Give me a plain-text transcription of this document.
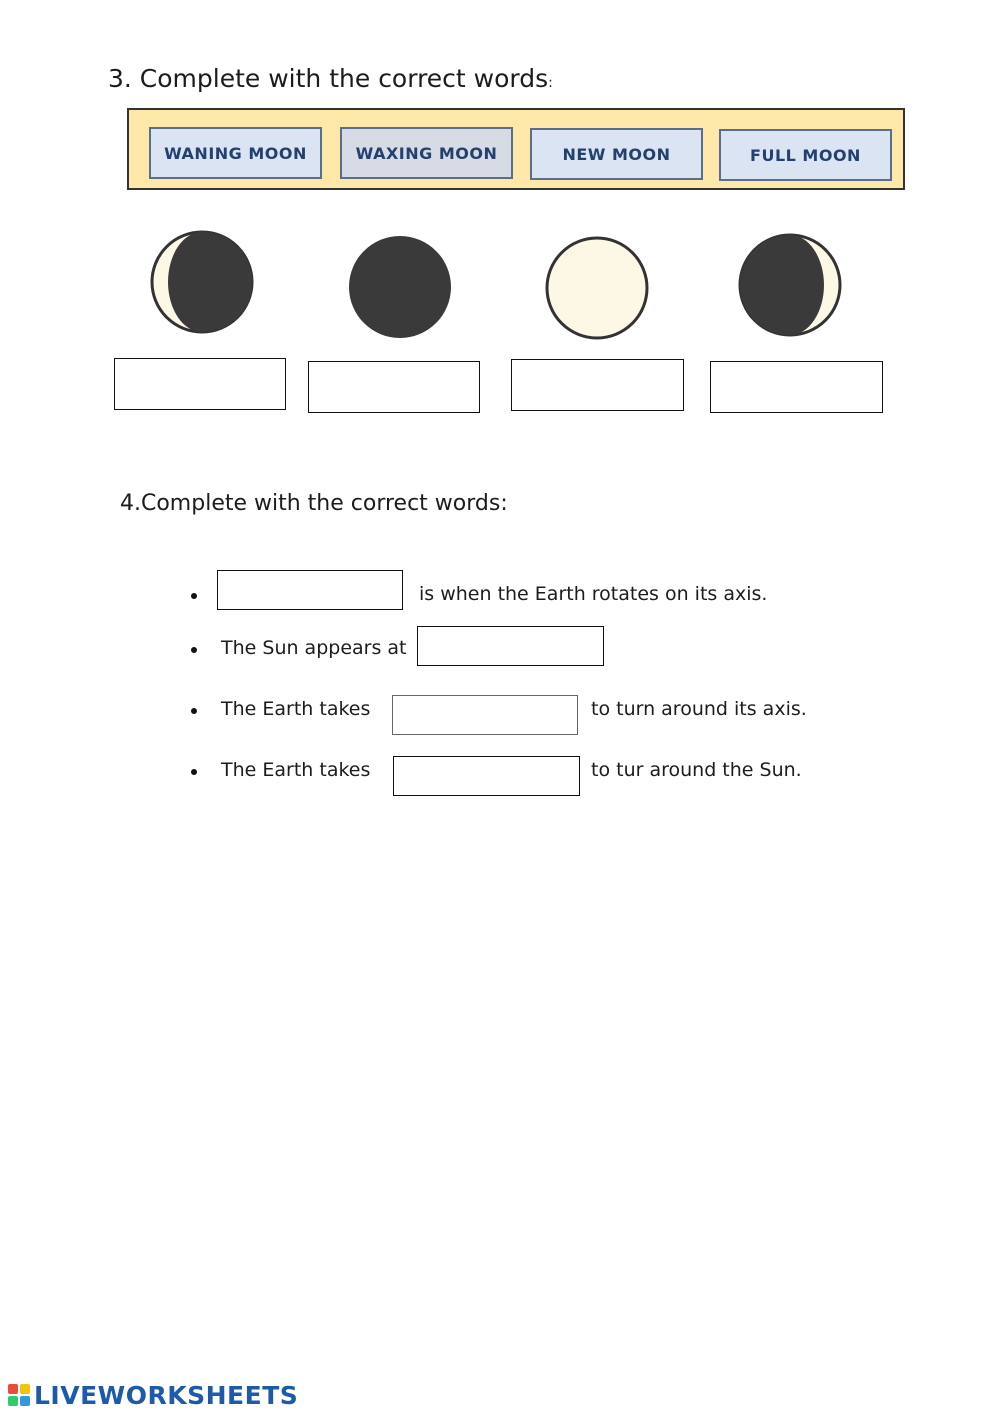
3. Complete with the correct words:
WANING MOON	WAXING MOON	NEW MOON	FULL MOON
4.Complete with the correct words:
is when the Earth rotates on its axis.
The Sun appears at
The Earth takes	to turn around its axis.
The Earth takes	to tur around the Sun.
LIVEWORKSHEETS
